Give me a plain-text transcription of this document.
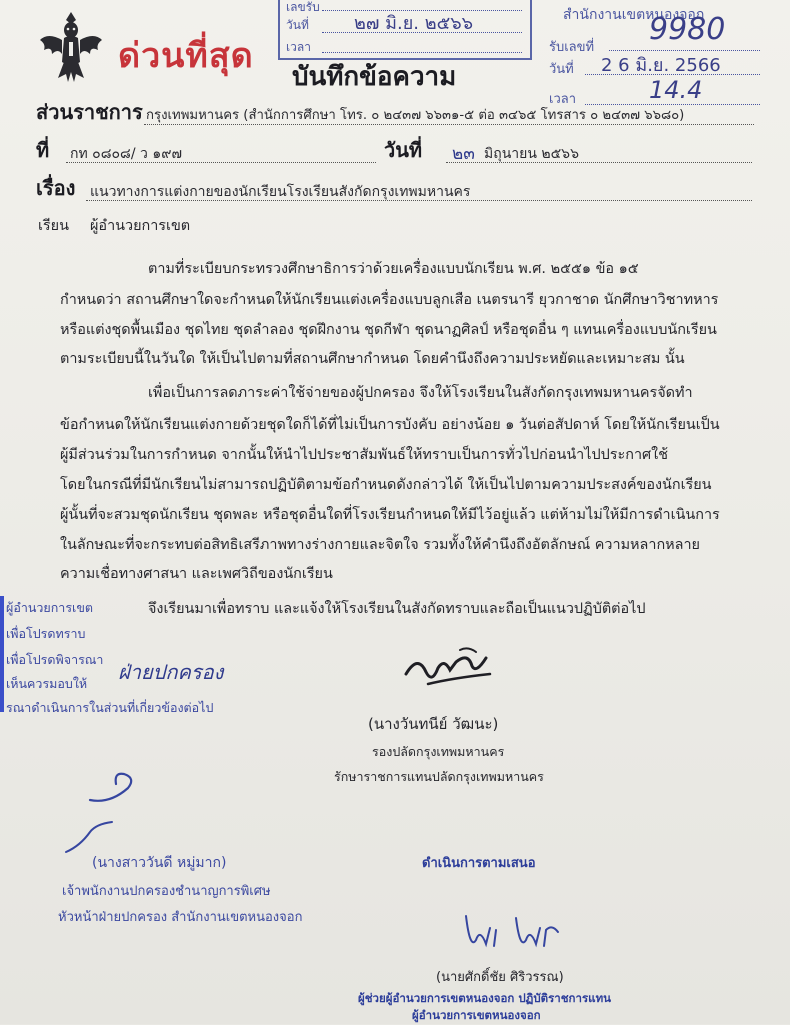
ด่วนที่สุด
บันทึกข้อความ
เลขรับ
วันที่	๒๗ มิ.ย. ๒๕๖๖
เวลา
สำนักงานเขตหนองจอก
รับเลขที่
9980
วันที่ 2 6 มิ.ย. 2566
เวลา	14.4
ส่วนราชการ กรุงเทพมหานคร (สำนักการศึกษา โทร. ๐ ๒๔๓๗ ๖๖๓๑-๕ ต่อ ๓๔๖๕ โทรสาร ๐ ๒๔๓๗ ๖๖๘๐)
ที่ กท ๐๘๐๘/ ว ๑๙๗	วันที่ ๒๓ มิถุนายน ๒๕๖๖
เรื่อง แนวทางการแต่งกายของนักเรียนโรงเรียนสังกัดกรุงเทพมหานคร
เรียน ผู้อำนวยการเขต
ตามที่ระเบียบกระทรวงศึกษาธิการว่าด้วยเครื่องแบบนักเรียน พ.ศ. ๒๕๕๑ ข้อ ๑๕
กำหนดว่า สถานศึกษาใดจะกำหนดให้นักเรียนแต่งเครื่องแบบลูกเสือ เนตรนารี ยุวกาชาด นักศึกษาวิชาทหาร
หรือแต่งชุดพื้นเมือง ชุดไทย ชุดลำลอง ชุดฝึกงาน ชุดกีฬา ชุดนาฏศิลป์ หรือชุดอื่น ๆ แทนเครื่องแบบนักเรียน
ตามระเบียบนี้ในวันใด ให้เป็นไปตามที่สถานศึกษากำหนด โดยคำนึงถึงความประหยัดและเหมาะสม นั้น
เพื่อเป็นการลดภาระค่าใช้จ่ายของผู้ปกครอง จึงให้โรงเรียนในสังกัดกรุงเทพมหานครจัดทำ
ข้อกำหนดให้นักเรียนแต่งกายด้วยชุดใดก็ได้ที่ไม่เป็นการบังคับ อย่างน้อย ๑ วันต่อสัปดาห์ โดยให้นักเรียนเป็น
ผู้มีส่วนร่วมในการกำหนด จากนั้นให้นำไปประชาสัมพันธ์ให้ทราบเป็นการทั่วไปก่อนนำไปประกาศใช้
โดยในกรณีที่มีนักเรียนไม่สามารถปฏิบัติตามข้อกำหนดดังกล่าวได้ ให้เป็นไปตามความประสงค์ของนักเรียน
ผู้นั้นที่จะสวมชุดนักเรียน ชุดพละ หรือชุดอื่นใดที่โรงเรียนกำหนดให้มีไว้อยู่แล้ว แต่ห้ามไม่ให้มีการดำเนินการ
ในลักษณะที่จะกระทบต่อสิทธิเสรีภาพทางร่างกายและจิตใจ รวมทั้งให้คำนึงถึงอัตลักษณ์ ความหลากหลาย
ความเชื่อทางศาสนา และเพศวิถีของนักเรียน
จึงเรียนมาเพื่อทราบ และแจ้งให้โรงเรียนในสังกัดทราบและถือเป็นแนวปฏิบัติต่อไป
ผู้อำนวยการเขต
เพื่อโปรดทราบ
เพื่อโปรดพิจารณา
เห็นควรมอบให้ ฝ่ายปกครอง
รณาดำเนินการในส่วนที่เกี่ยวข้องต่อไป
(นางวันทนีย์ วัฒนะ)
รองปลัดกรุงเทพมหานคร
รักษาราชการแทนปลัดกรุงเทพมหานคร
(นางสาววันดี หมู่มาก)
เจ้าพนักงานปกครองชำนาญการพิเศษ
หัวหน้าฝ่ายปกครอง สำนักงานเขตหนองจอก
ดำเนินการตามเสนอ
(นายศักดิ์ชัย ศิริวรรณ)
ผู้ช่วยผู้อำนวยการเขตหนองจอก ปฏิบัติราชการแทน
ผู้อำนวยการเขตหนองจอก
